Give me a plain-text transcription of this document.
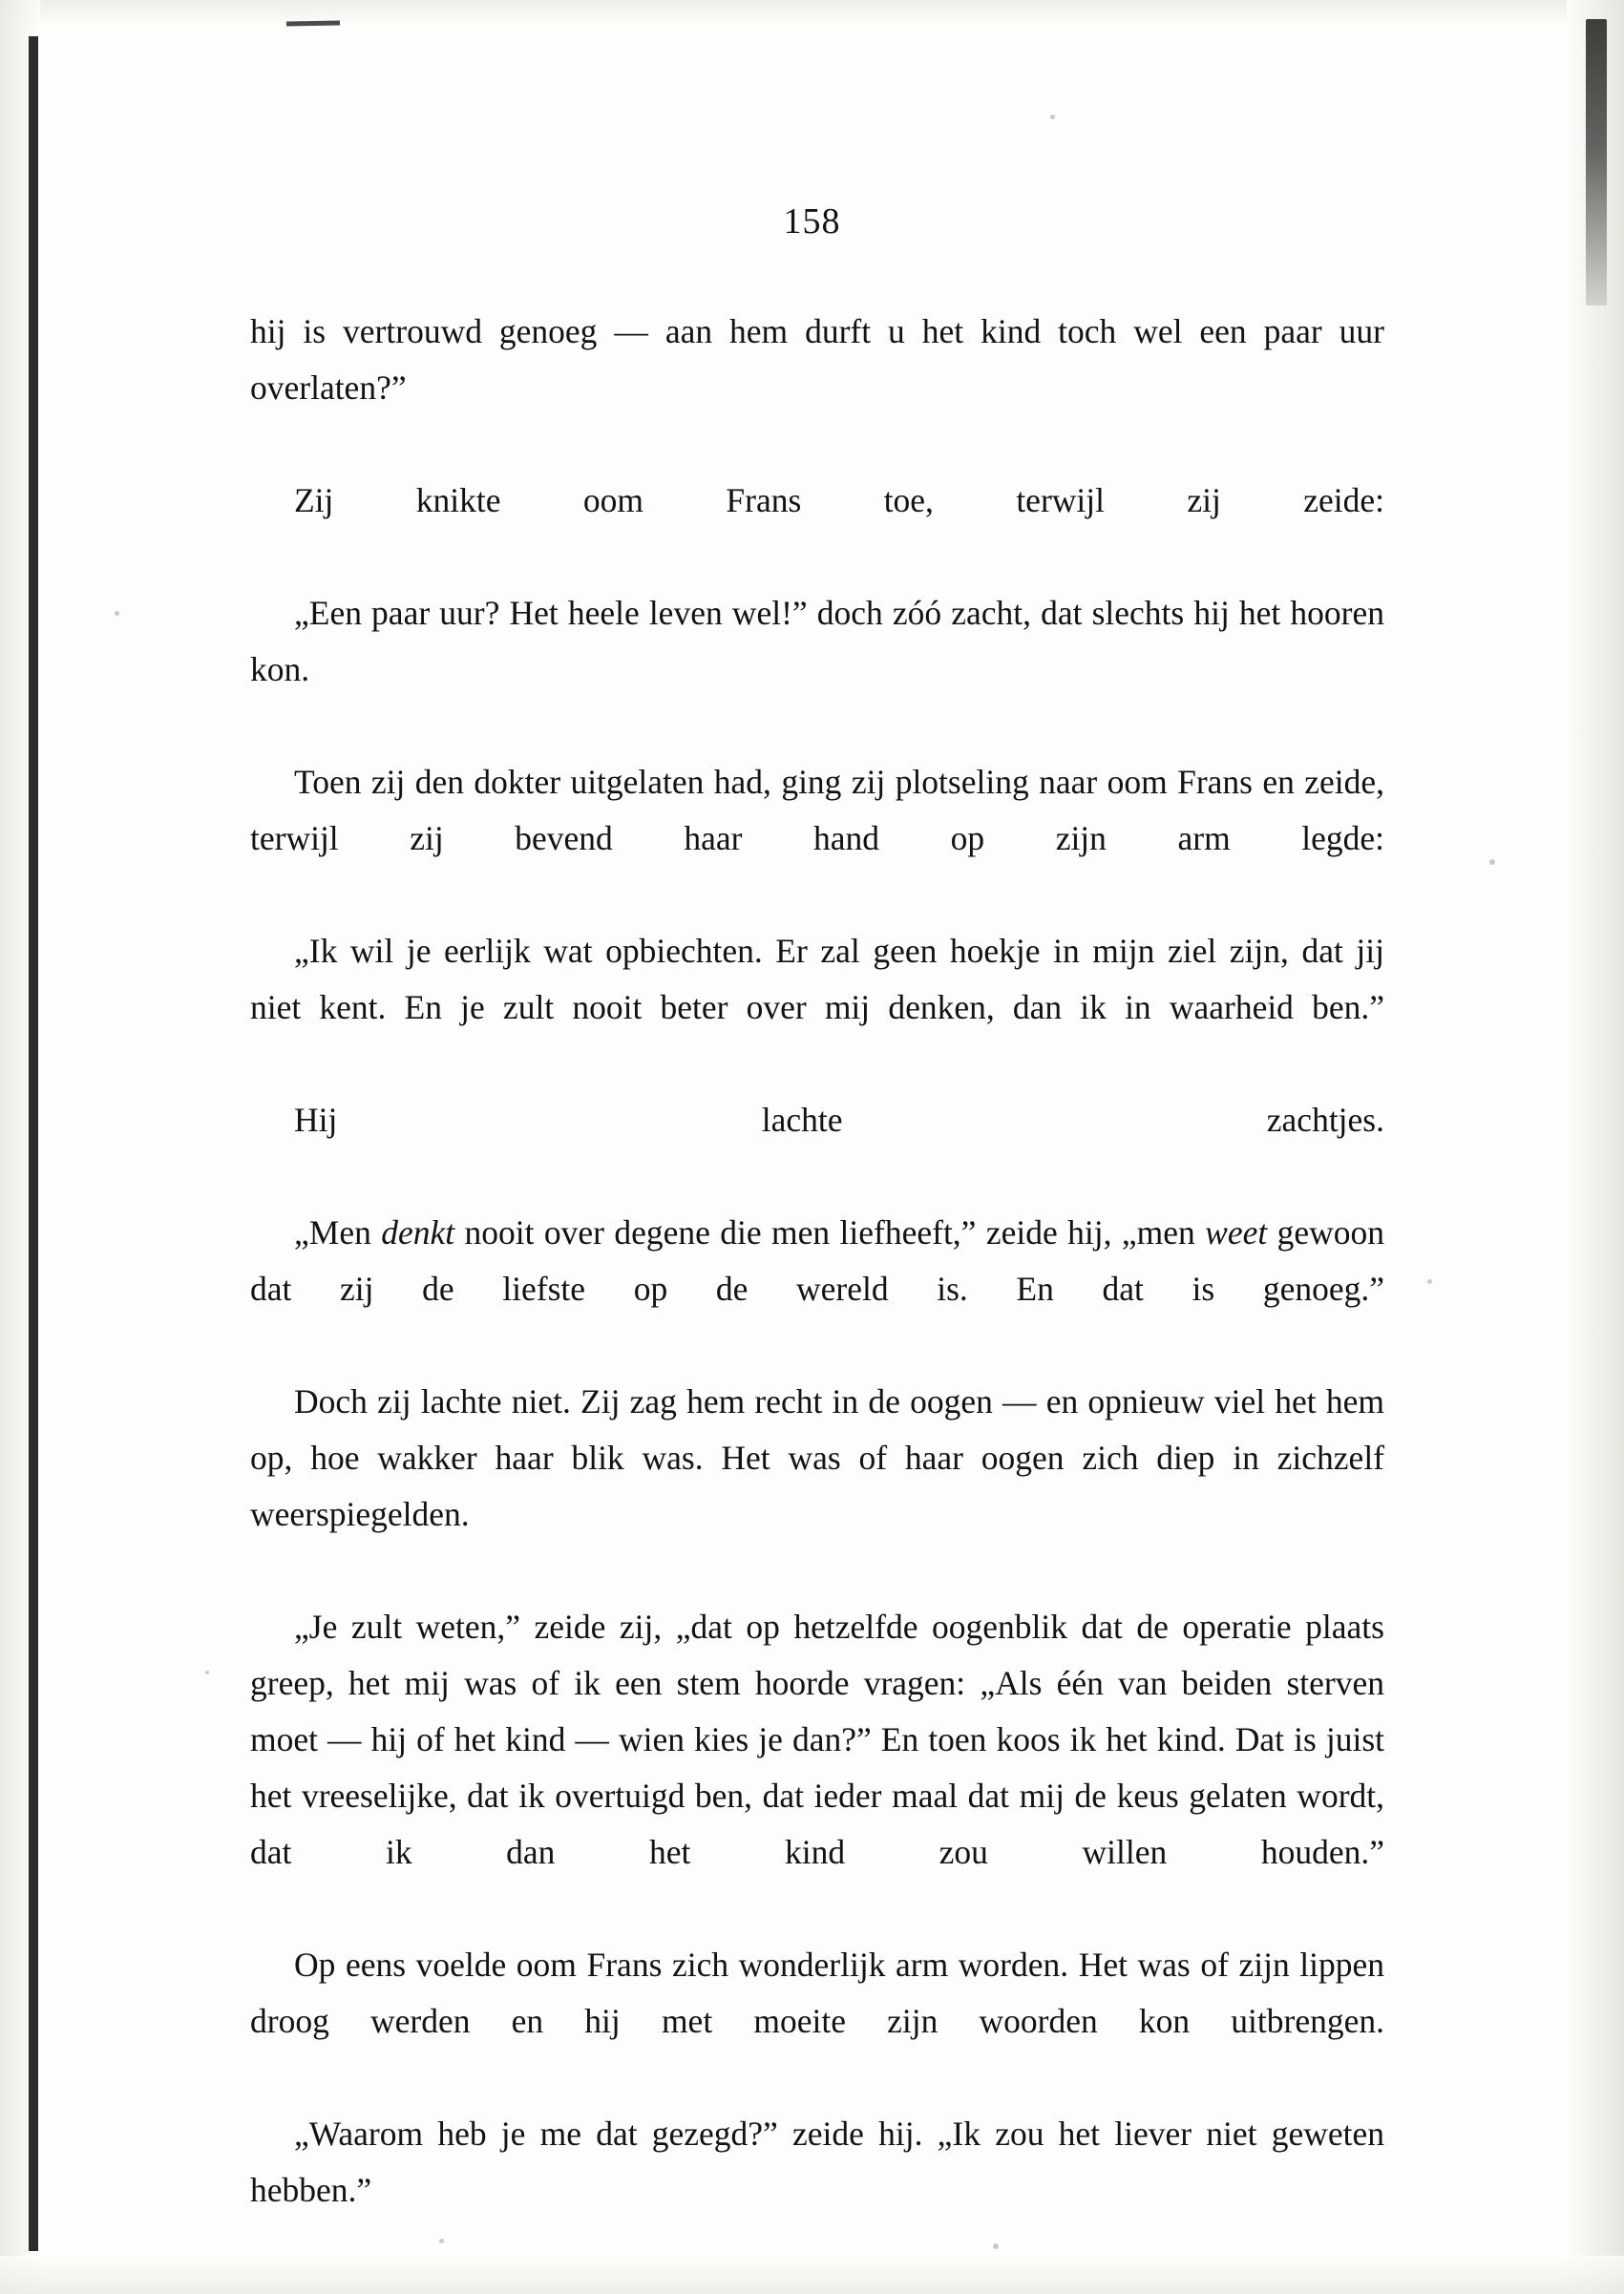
158

hij is vertrouwd genoeg — aan hem durft u het kind toch wel een paar uur overlaten?”

Zij knikte oom Frans toe, terwijl zij zeide:

„Een paar uur? Het heele leven wel!” doch zóó zacht, dat slechts hij het hooren kon.

Toen zij den dokter uitgelaten had, ging zij plotseling naar oom Frans en zeide, terwijl zij bevend haar hand op zijn arm legde:

„Ik wil je eerlijk wat opbiechten. Er zal geen hoekje in mijn ziel zijn, dat jij niet kent. En je zult nooit beter over mij denken, dan ik in waarheid ben.”

Hij lachte zachtjes.

„Men denkt nooit over degene die men liefheeft,” zeide hij, „men weet gewoon dat zij de liefste op de wereld is. En dat is genoeg.”

Doch zij lachte niet. Zij zag hem recht in de oogen — en opnieuw viel het hem op, hoe wakker haar blik was. Het was of haar oogen zich diep in zichzelf weerspiegelden.

„Je zult weten,” zeide zij, „dat op hetzelfde oogenblik dat de operatie plaats greep, het mij was of ik een stem hoorde vragen: „Als één van beiden sterven moet — hij of het kind — wien kies je dan?” En toen koos ik het kind. Dat is juist het vreeselijke, dat ik overtuigd ben, dat ieder maal dat mij de keus gelaten wordt, dat ik dan het kind zou willen houden.”

Op eens voelde oom Frans zich wonderlijk arm worden. Het was of zijn lippen droog werden en hij met moeite zijn woorden kon uitbrengen.

„Waarom heb je me dat gezegd?” zeide hij. „Ik zou het liever niet geweten hebben.”
